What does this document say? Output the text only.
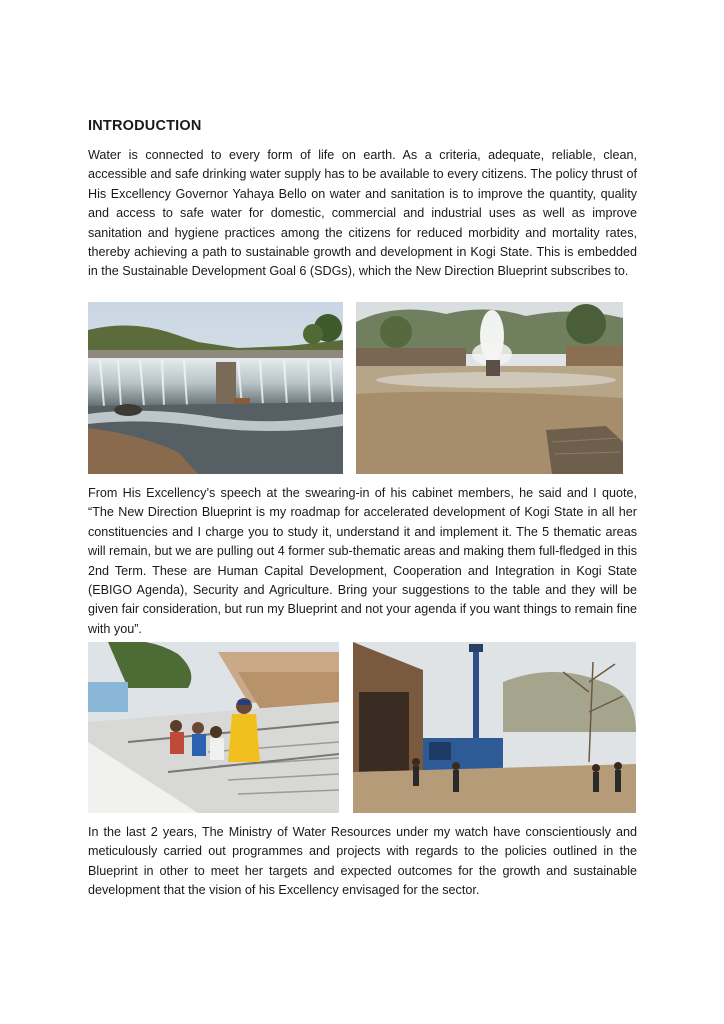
INTRODUCTION

Water is connected to every form of life on earth. As a criteria, adequate, reliable, clean, accessible and safe drinking water supply has to be available to every citizens. The policy thrust of His Excellency Governor Yahaya Bello on water and sanitation is to improve the quantity, quality and access to safe water for domestic, commercial and industrial uses as well as improve sanitation and hygiene practices among the citizens for reduced morbidity and mortality rates, thereby achieving a path to sustainable growth and development in Kogi State. This is embedded in the Sustainable Development Goal 6 (SDGs), which the New Direction Blueprint subscribes to.

From His Excellency’s speech at the swearing-in of his cabinet members, he said and I quote, “The New Direction Blueprint is my roadmap for accelerated development of Kogi State in all her constituencies and I charge you to study it, understand it and implement it. The 5 thematic areas will remain, but we are pulling out 4 former sub-thematic areas and making them full-fledged in this 2nd Term. These are Human Capital Development, Cooperation and Integration in Kogi State (EBIGO Agenda), Security and Agriculture. Bring your suggestions to the table and they will be given fair consideration, but run my Blueprint and not your agenda if you want things to remain fine with you”.

In the last 2 years, The Ministry of Water Resources under my watch have conscientiously and meticulously carried out programmes and projects with regards to the policies outlined in the Blueprint in other to meet her targets and expected outcomes for the growth and sustainable development that the vision of his Excellency envisaged for the sector.
